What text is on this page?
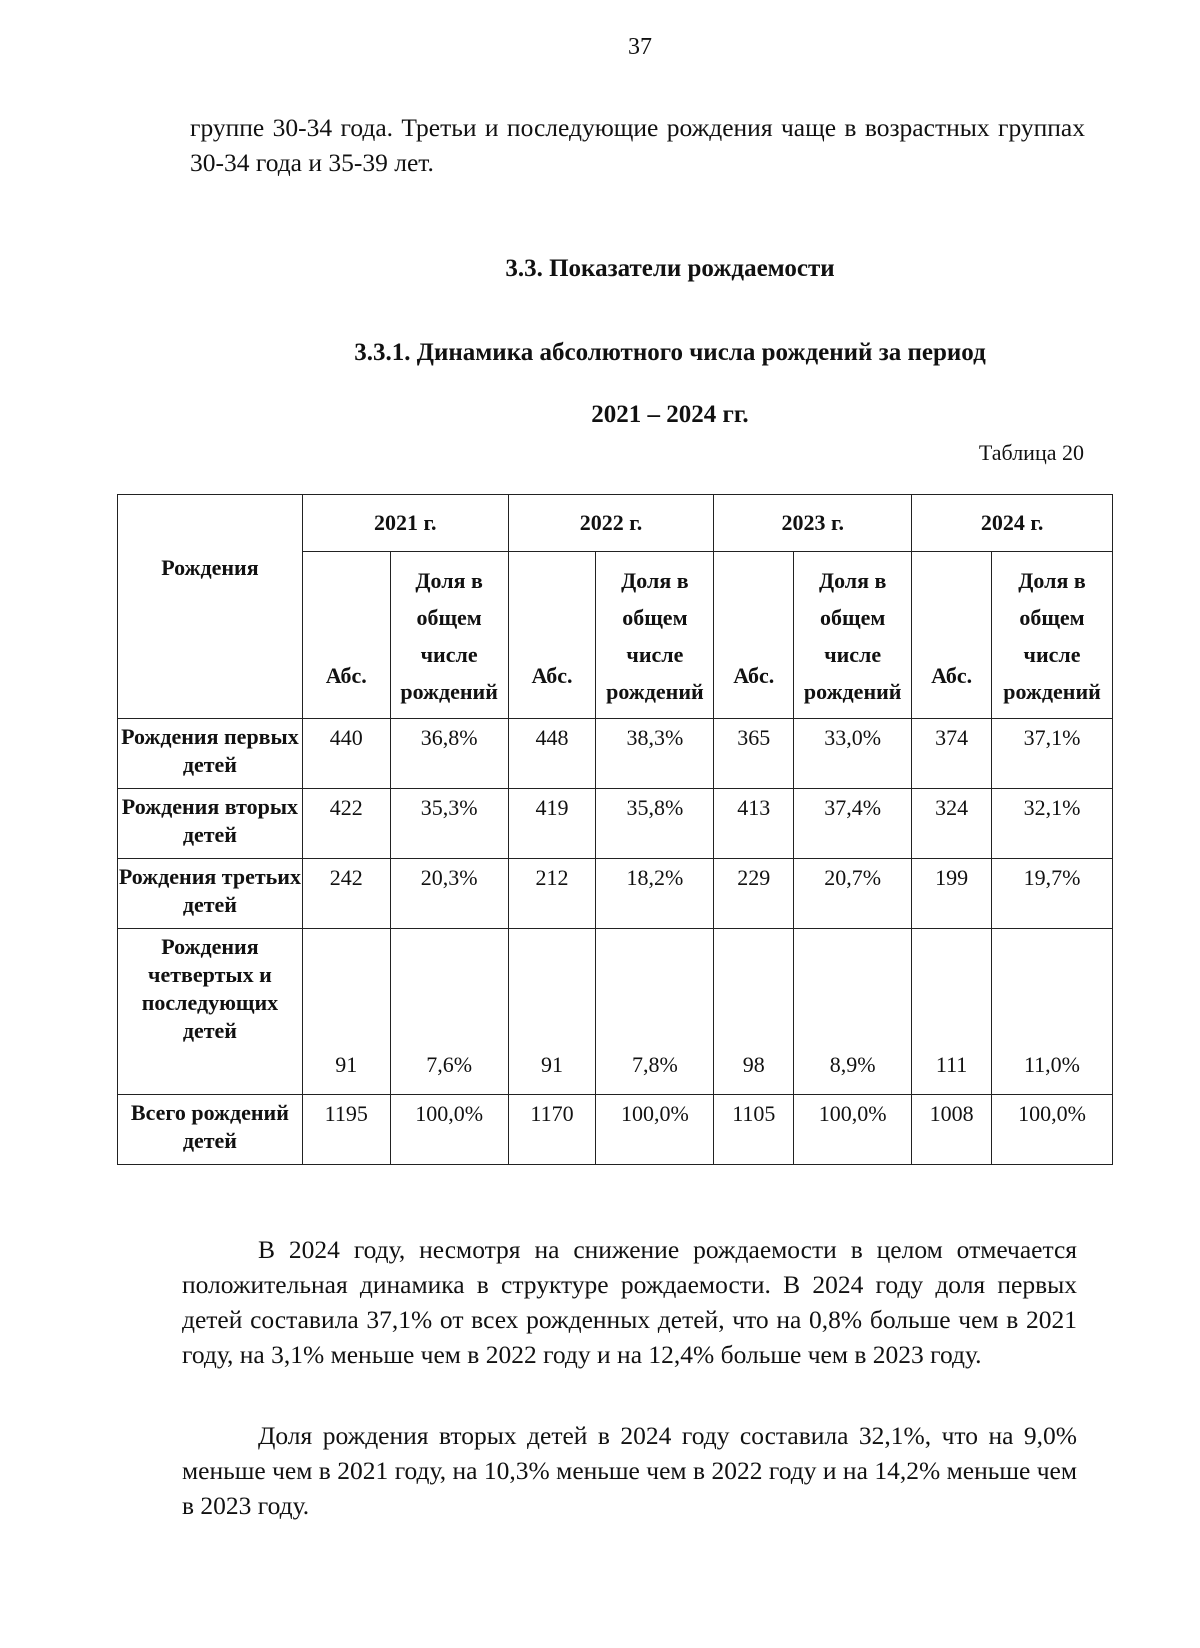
37

группе 30-34 года. Третьи и последующие рождения чаще в возрастных группах 30-34 года и 35-39 лет.

3.3. Показатели рождаемости
3.3.1. Динамика абсолютного числа рождений за период
2021 – 2024 гг.
Таблица 20
Рождения	2021 г.		2022 г.		2023 г.		2024 г.	
	Абс.	Доля в общем числе рождений	Абс.	Доля в общем числе рождений	Абс.	Доля в общем числе рождений	Абс.	Доля в общем числе рождений
Рождения первых детей	440	36,8%	448	38,3%	365	33,0%	374	37,1%
Рождения вторых детей	422	35,3%	419	35,8%	413	37,4%	324	32,1%
Рождения третьих детей	242	20,3%	212	18,2%	229	20,7%	199	19,7%
Рождения четвертых и последующих детей	91	7,6%	91	7,8%	98	8,9%	111	11,0%
Всего рождений детей	1195	100,0%	1170	100,0%	1105	100,0%	1008	100,0%

В 2024 году, несмотря на снижение рождаемости в целом отмечается положительная динамика в структуре рождаемости. В 2024 году доля первых детей составила 37,1% от всех рожденных детей, что на 0,8% больше чем в 2021 году, на 3,1% меньше чем в 2022 году и на 12,4% больше чем в 2023 году.

Доля рождения вторых детей в 2024 году составила 32,1%, что на 9,0% меньше чем в 2021 году, на 10,3% меньше чем в 2022 году и на 14,2% меньше чем в 2023 году.
